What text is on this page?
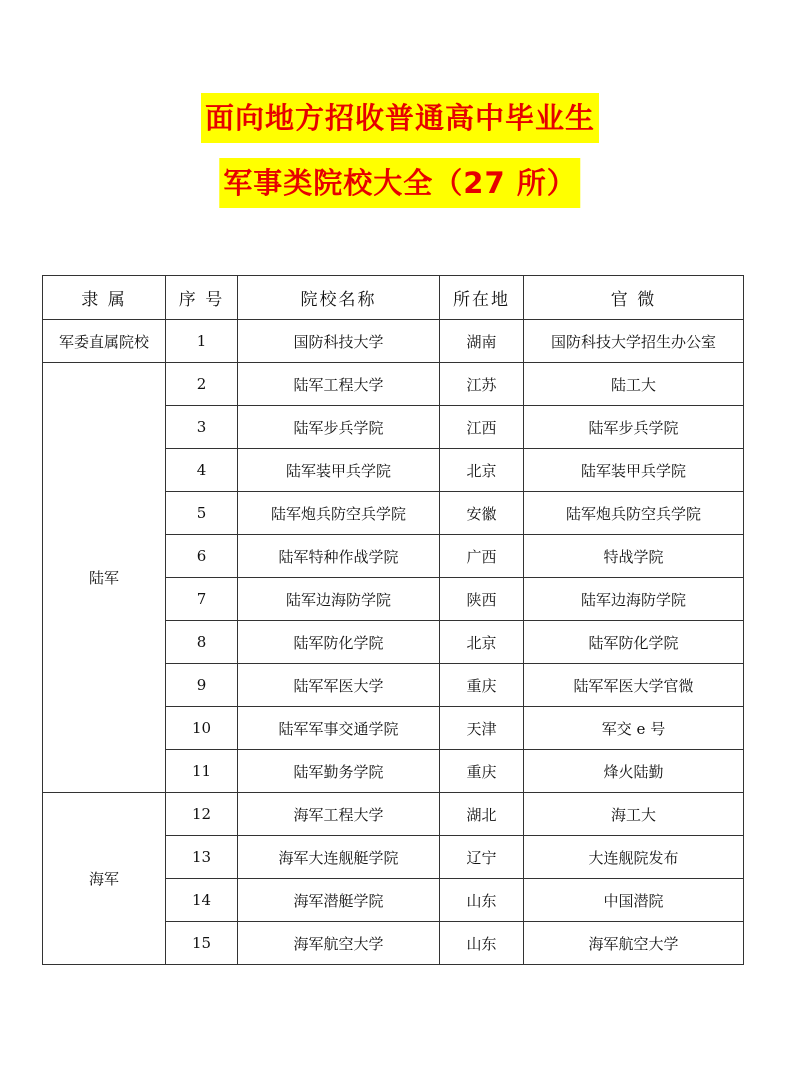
面向地方招收普通高中毕业生
军事类院校大全（27 所）
隶 属	序 号	院校名称	所在地	官 微
军委直属院校	1	国防科技大学	湖南	国防科技大学招生办公室
陆军	2	陆军工程大学	江苏	陆工大
	3	陆军步兵学院	江西	陆军步兵学院
	4	陆军装甲兵学院	北京	陆军装甲兵学院
	5	陆军炮兵防空兵学院	安徽	陆军炮兵防空兵学院
	6	陆军特种作战学院	广西	特战学院
	7	陆军边海防学院	陕西	陆军边海防学院
	8	陆军防化学院	北京	陆军防化学院
	9	陆军军医大学	重庆	陆军军医大学官微
	10	陆军军事交通学院	天津	军交 e 号
	11	陆军勤务学院	重庆	烽火陆勤
海军	12	海军工程大学	湖北	海工大
	13	海军大连舰艇学院	辽宁	大连舰院发布
	14	海军潜艇学院	山东	中国潜院
	15	海军航空大学	山东	海军航空大学
